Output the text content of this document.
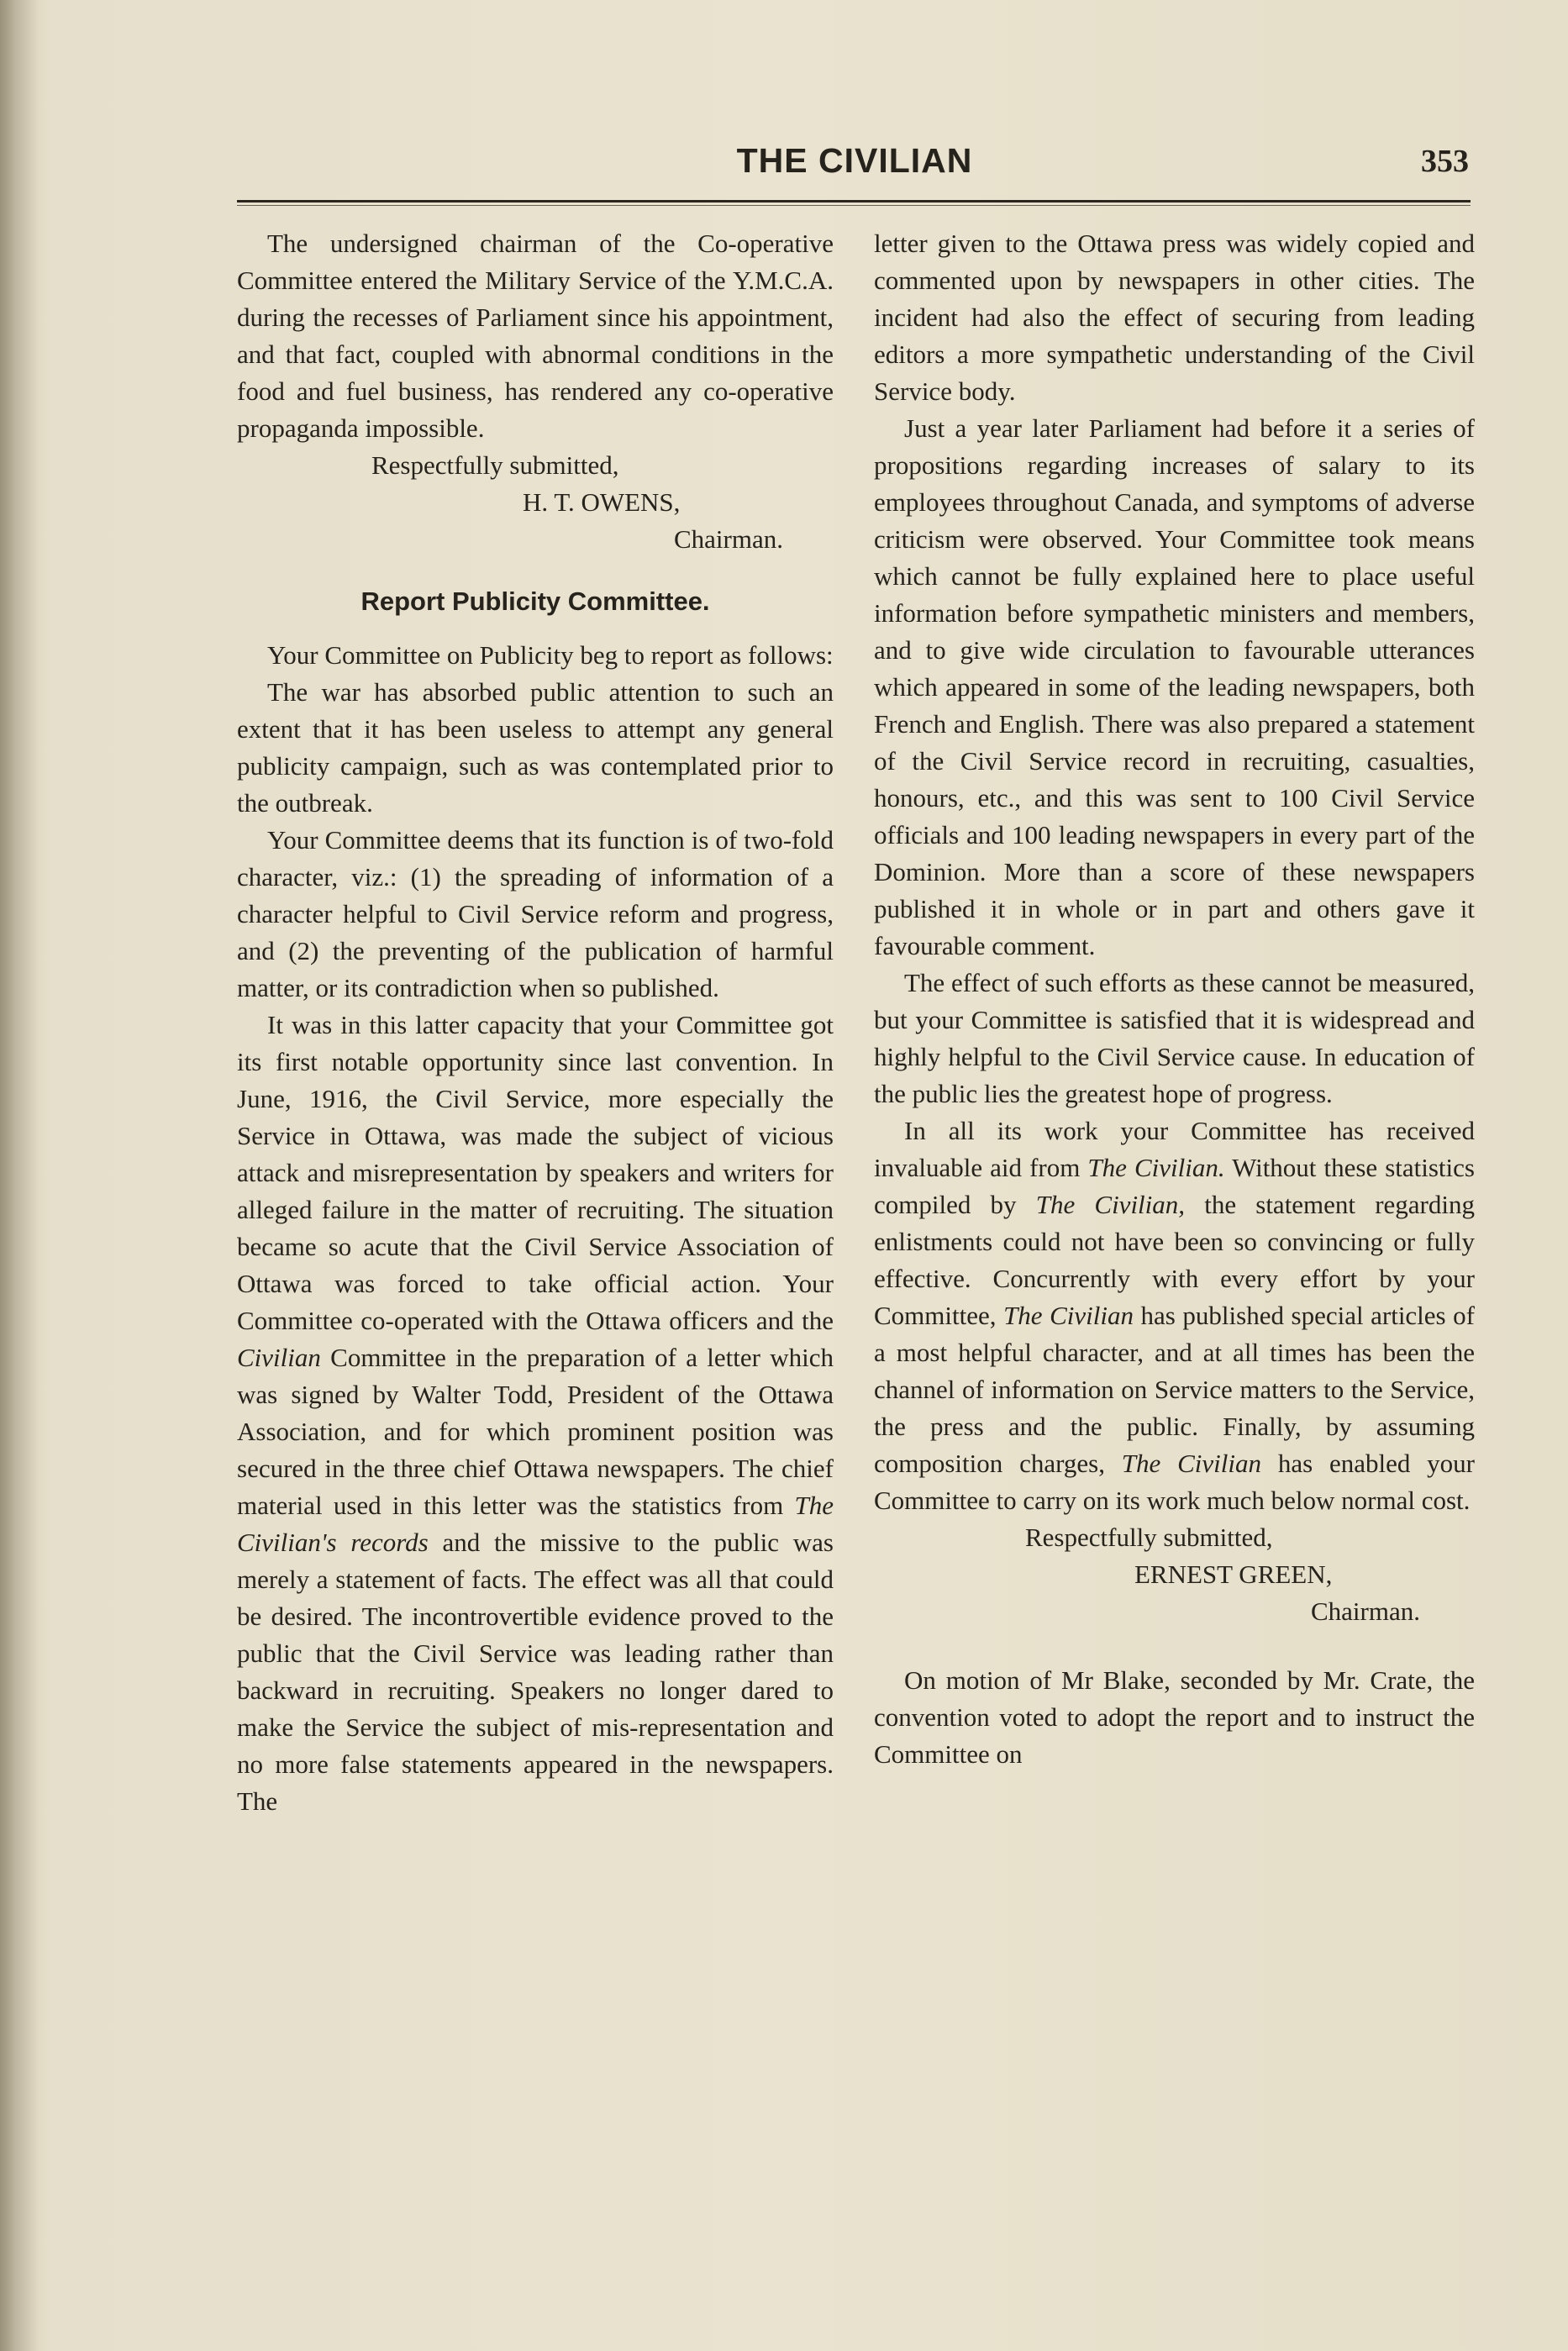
THE CIVILIAN	353

The undersigned chairman of the Co-operative Committee entered the Military Service of the Y.M.C.A. during the recesses of Parliament since his appointment, and that fact, coupled with abnormal conditions in the food and fuel business, has rendered any co-operative propaganda impossible.

Respectfully submitted,
H. T. OWENS,
Chairman.
Report Publicity Committee.

Your Committee on Publicity beg to report as follows:

The war has absorbed public attention to such an extent that it has been useless to attempt any general publicity campaign, such as was contemplated prior to the outbreak.

Your Committee deems that its function is of two-fold character, viz.: (1) the spreading of information of a character helpful to Civil Service reform and progress, and (2) the preventing of the publication of harmful matter, or its contradiction when so published.

It was in this latter capacity that your Committee got its first notable opportunity since last convention. In June, 1916, the Civil Service, more especially the Service in Ottawa, was made the subject of vicious attack and misrepresentation by speakers and writers for alleged failure in the matter of recruiting. The situation became so acute that the Civil Service Association of Ottawa was forced to take official action. Your Committee co-operated with the Ottawa officers and the Civilian Committee in the preparation of a letter which was signed by Walter Todd, President of the Ottawa Association, and for which prominent position was secured in the three chief Ottawa newspapers. The chief material used in this letter was the statistics from The Civilian's records and the missive to the public was merely a statement of facts. The effect was all that could be desired. The incontrovertible evidence proved to the public that the Civil Service was leading rather than backward in recruiting. Speakers no longer dared to make the Service the subject of mis-representation and no more false statements appeared in the newspapers. The

letter given to the Ottawa press was widely copied and commented upon by newspapers in other cities. The incident had also the effect of securing from leading editors a more sympathetic understanding of the Civil Service body.

Just a year later Parliament had before it a series of propositions regarding increases of salary to its employees throughout Canada, and symptoms of adverse criticism were observed. Your Committee took means which cannot be fully explained here to place useful information before sympathetic ministers and members, and to give wide circulation to favourable utterances which appeared in some of the leading newspapers, both French and English. There was also prepared a statement of the Civil Service record in recruiting, casualties, honours, etc., and this was sent to 100 Civil Service officials and 100 leading newspapers in every part of the Dominion. More than a score of these newspapers published it in whole or in part and others gave it favourable comment.

The effect of such efforts as these cannot be measured, but your Committee is satisfied that it is widespread and highly helpful to the Civil Service cause. In education of the public lies the greatest hope of progress.

In all its work your Committee has received invaluable aid from The Civilian. Without these statistics compiled by The Civilian, the statement regarding enlistments could not have been so convincing or fully effective. Concurrently with every effort by your Committee, The Civilian has published special articles of a most helpful character, and at all times has been the channel of information on Service matters to the Service, the press and the public. Finally, by assuming composition charges, The Civilian has enabled your Committee to carry on its work much below normal cost.

Respectfully submitted,
ERNEST GREEN,
Chairman.

On motion of Mr Blake, seconded by Mr. Crate, the convention voted to adopt the report and to instruct the Committee on
